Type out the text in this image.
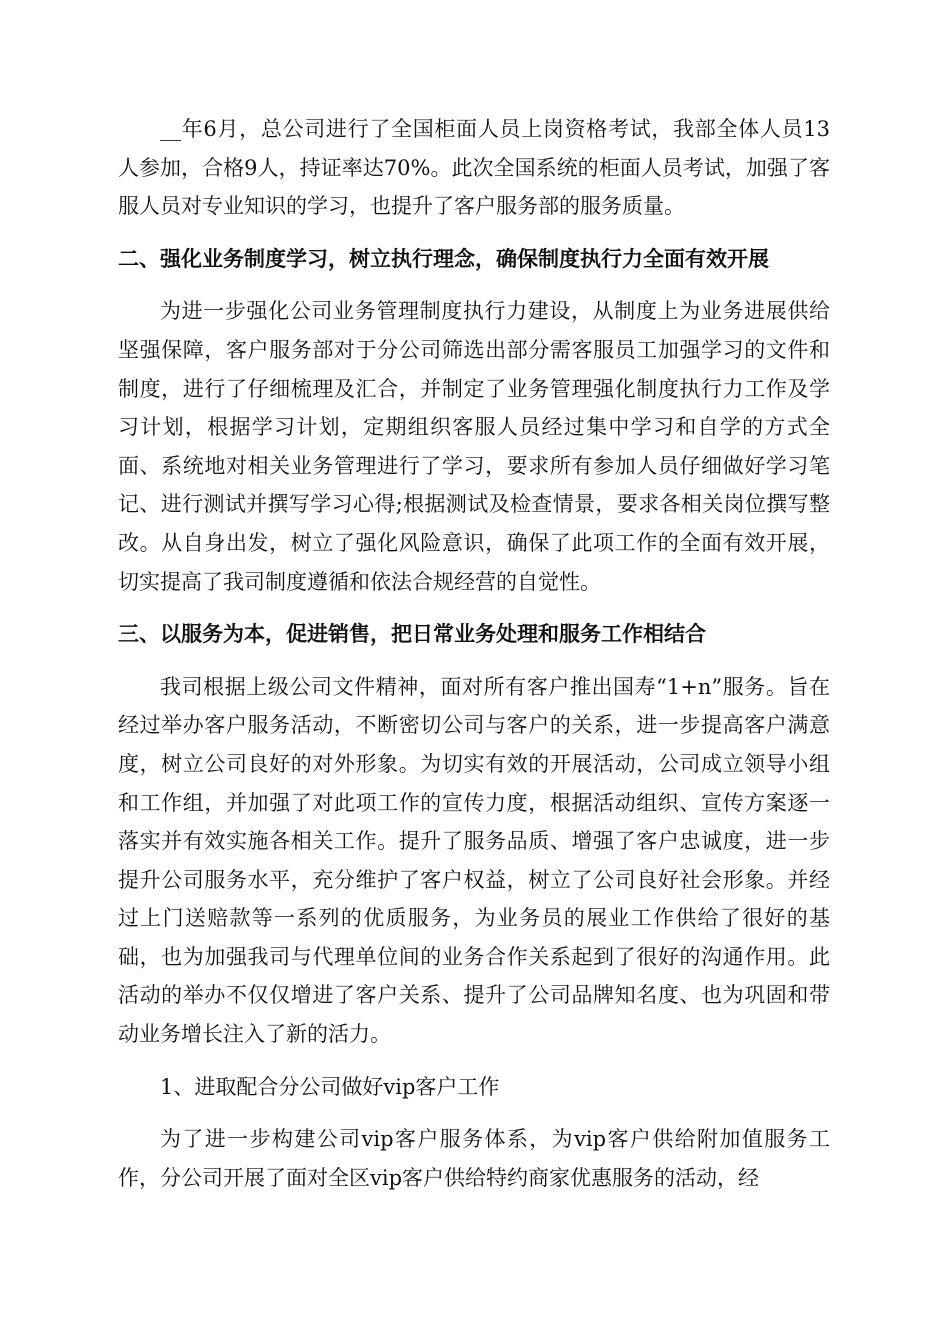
__年6月，总公司进行了全国柜面人员上岗资格考试，我部全体人员13人参加，合格9人，持证率达70%。此次全国系统的柜面人员考试，加强了客服人员对专业知识的学习，也提升了客户服务部的服务质量。

二、强化业务制度学习，树立执行理念，确保制度执行力全面有效开展

为进一步强化公司业务管理制度执行力建设，从制度上为业务进展供给坚强保障，客户服务部对于分公司筛选出部分需客服员工加强学习的文件和制度，进行了仔细梳理及汇合，并制定了业务管理强化制度执行力工作及学习计划，根据学习计划，定期组织客服人员经过集中学习和自学的方式全面、系统地对相关业务管理进行了学习，要求所有参加人员仔细做好学习笔记、进行测试并撰写学习心得;根据测试及检查情景，要求各相关岗位撰写整改。从自身出发，树立了强化风险意识，确保了此项工作的全面有效开展，切实提高了我司制度遵循和依法合规经营的自觉性。

三、以服务为本，促进销售，把日常业务处理和服务工作相结合

我司根据上级公司文件精神，面对所有客户推出国寿“1+n”服务。旨在经过举办客户服务活动，不断密切公司与客户的关系，进一步提高客户满意度，树立公司良好的对外形象。为切实有效的开展活动，公司成立领导小组和工作组，并加强了对此项工作的宣传力度，根据活动组织、宣传方案逐一落实并有效实施各相关工作。提升了服务品质、增强了客户忠诚度，进一步提升公司服务水平，充分维护了客户权益，树立了公司良好社会形象。并经过上门送赔款等一系列的优质服务，为业务员的展业工作供给了很好的基础，也为加强我司与代理单位间的业务合作关系起到了很好的沟通作用。此活动的举办不仅仅增进了客户关系、提升了公司品牌知名度、也为巩固和带动业务增长注入了新的活力。

1、进取配合分公司做好vip客户工作

为了进一步构建公司vip客户服务体系，为vip客户供给附加值服务工作，分公司开展了面对全区vip客户供给特约商家优惠服务的活动，经
